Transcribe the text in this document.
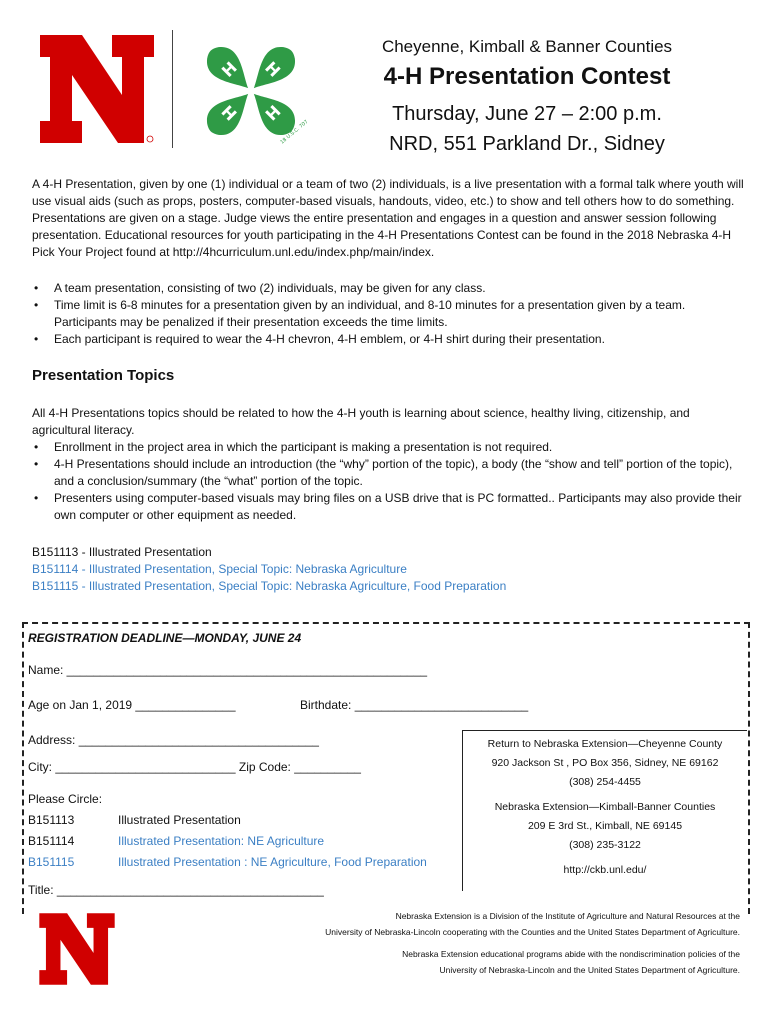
H H
H
H
18 U.S.C. 707
Cheyenne, Kimball & Banner Counties
4-H Presentation Contest
Thursday, June 27 – 2:00 p.m.
NRD, 551 Parkland Dr., Sidney
A 4-H Presentation, given by one (1) individual or a team of two (2) individuals, is a live presentation with a formal talk where youth will use visual aids (such as props, posters, computer-based visuals, handouts, video, etc.) to show and tell others how to do something. Presentations are given on a stage. Judge views the entire presentation and engages in a question and answer session following presentation. Educational resources for youth participating in the 4-H Presentations Contest can be found in the 2018 Nebraska 4-H Pick Your Project found at http://4hcurriculum.unl.edu/index.php/main/index.
• A team presentation, consisting of two (2) individuals, may be given for any class.
• Time limit is 6-8 minutes for a presentation given by an individual, and 8-10 minutes for a presentation given by a team. Participants may be penalized if their presentation exceeds the time limits.
• Each participant is required to wear the 4-H chevron, 4-H emblem, or 4-H shirt during their presentation.
Presentation Topics
All 4-H Presentations topics should be related to how the 4-H youth is learning about science, healthy living, citizenship, and agricultural literacy.
• Enrollment in the project area in which the participant is making a presentation is not required.
• 4-H Presentations should include an introduction (the “why” portion of the topic), a body (the “show and tell” portion of the topic), and a conclusion/summary (the “what” portion of the topic.
• Presenters using computer-based visuals may bring files on a USB drive that is PC formatted.. Participants may also provide their own computer or other equipment as needed.
B151113 - Illustrated Presentation
B151114 - Illustrated Presentation, Special Topic: Nebraska Agriculture
B151115 - Illustrated Presentation, Special Topic: Nebraska Agriculture, Food Preparation
REGISTRATION DEADLINE—MONDAY, JUNE 24
Name: ______________________________________________________
Age on Jan 1, 2019 _______________	Birthdate: __________________________
Address: ____________________________________
City: ___________________________ Zip Code: __________
Please Circle:
B151113	Illustrated Presentation
B151114	Illustrated Presentation: NE Agriculture
B151115	Illustrated Presentation : NE Agriculture, Food Preparation
Title: ________________________________________
Return to Nebraska Extension—Cheyenne County
920 Jackson St , PO Box 356, Sidney, NE 69162
(308) 254-4455
Nebraska Extension—Kimball-Banner Counties
209 E 3rd St., Kimball, NE 69145
(308) 235-3122
http://ckb.unl.edu/
Nebraska Extension is a Division of the Institute of Agriculture and Natural Resources at the
University of Nebraska-Lincoln cooperating with the Counties and the United States Department of Agriculture.
Nebraska Extension educational programs abide with the nondiscrimination policies of the
University of Nebraska-Lincoln and the United States Department of Agriculture.
